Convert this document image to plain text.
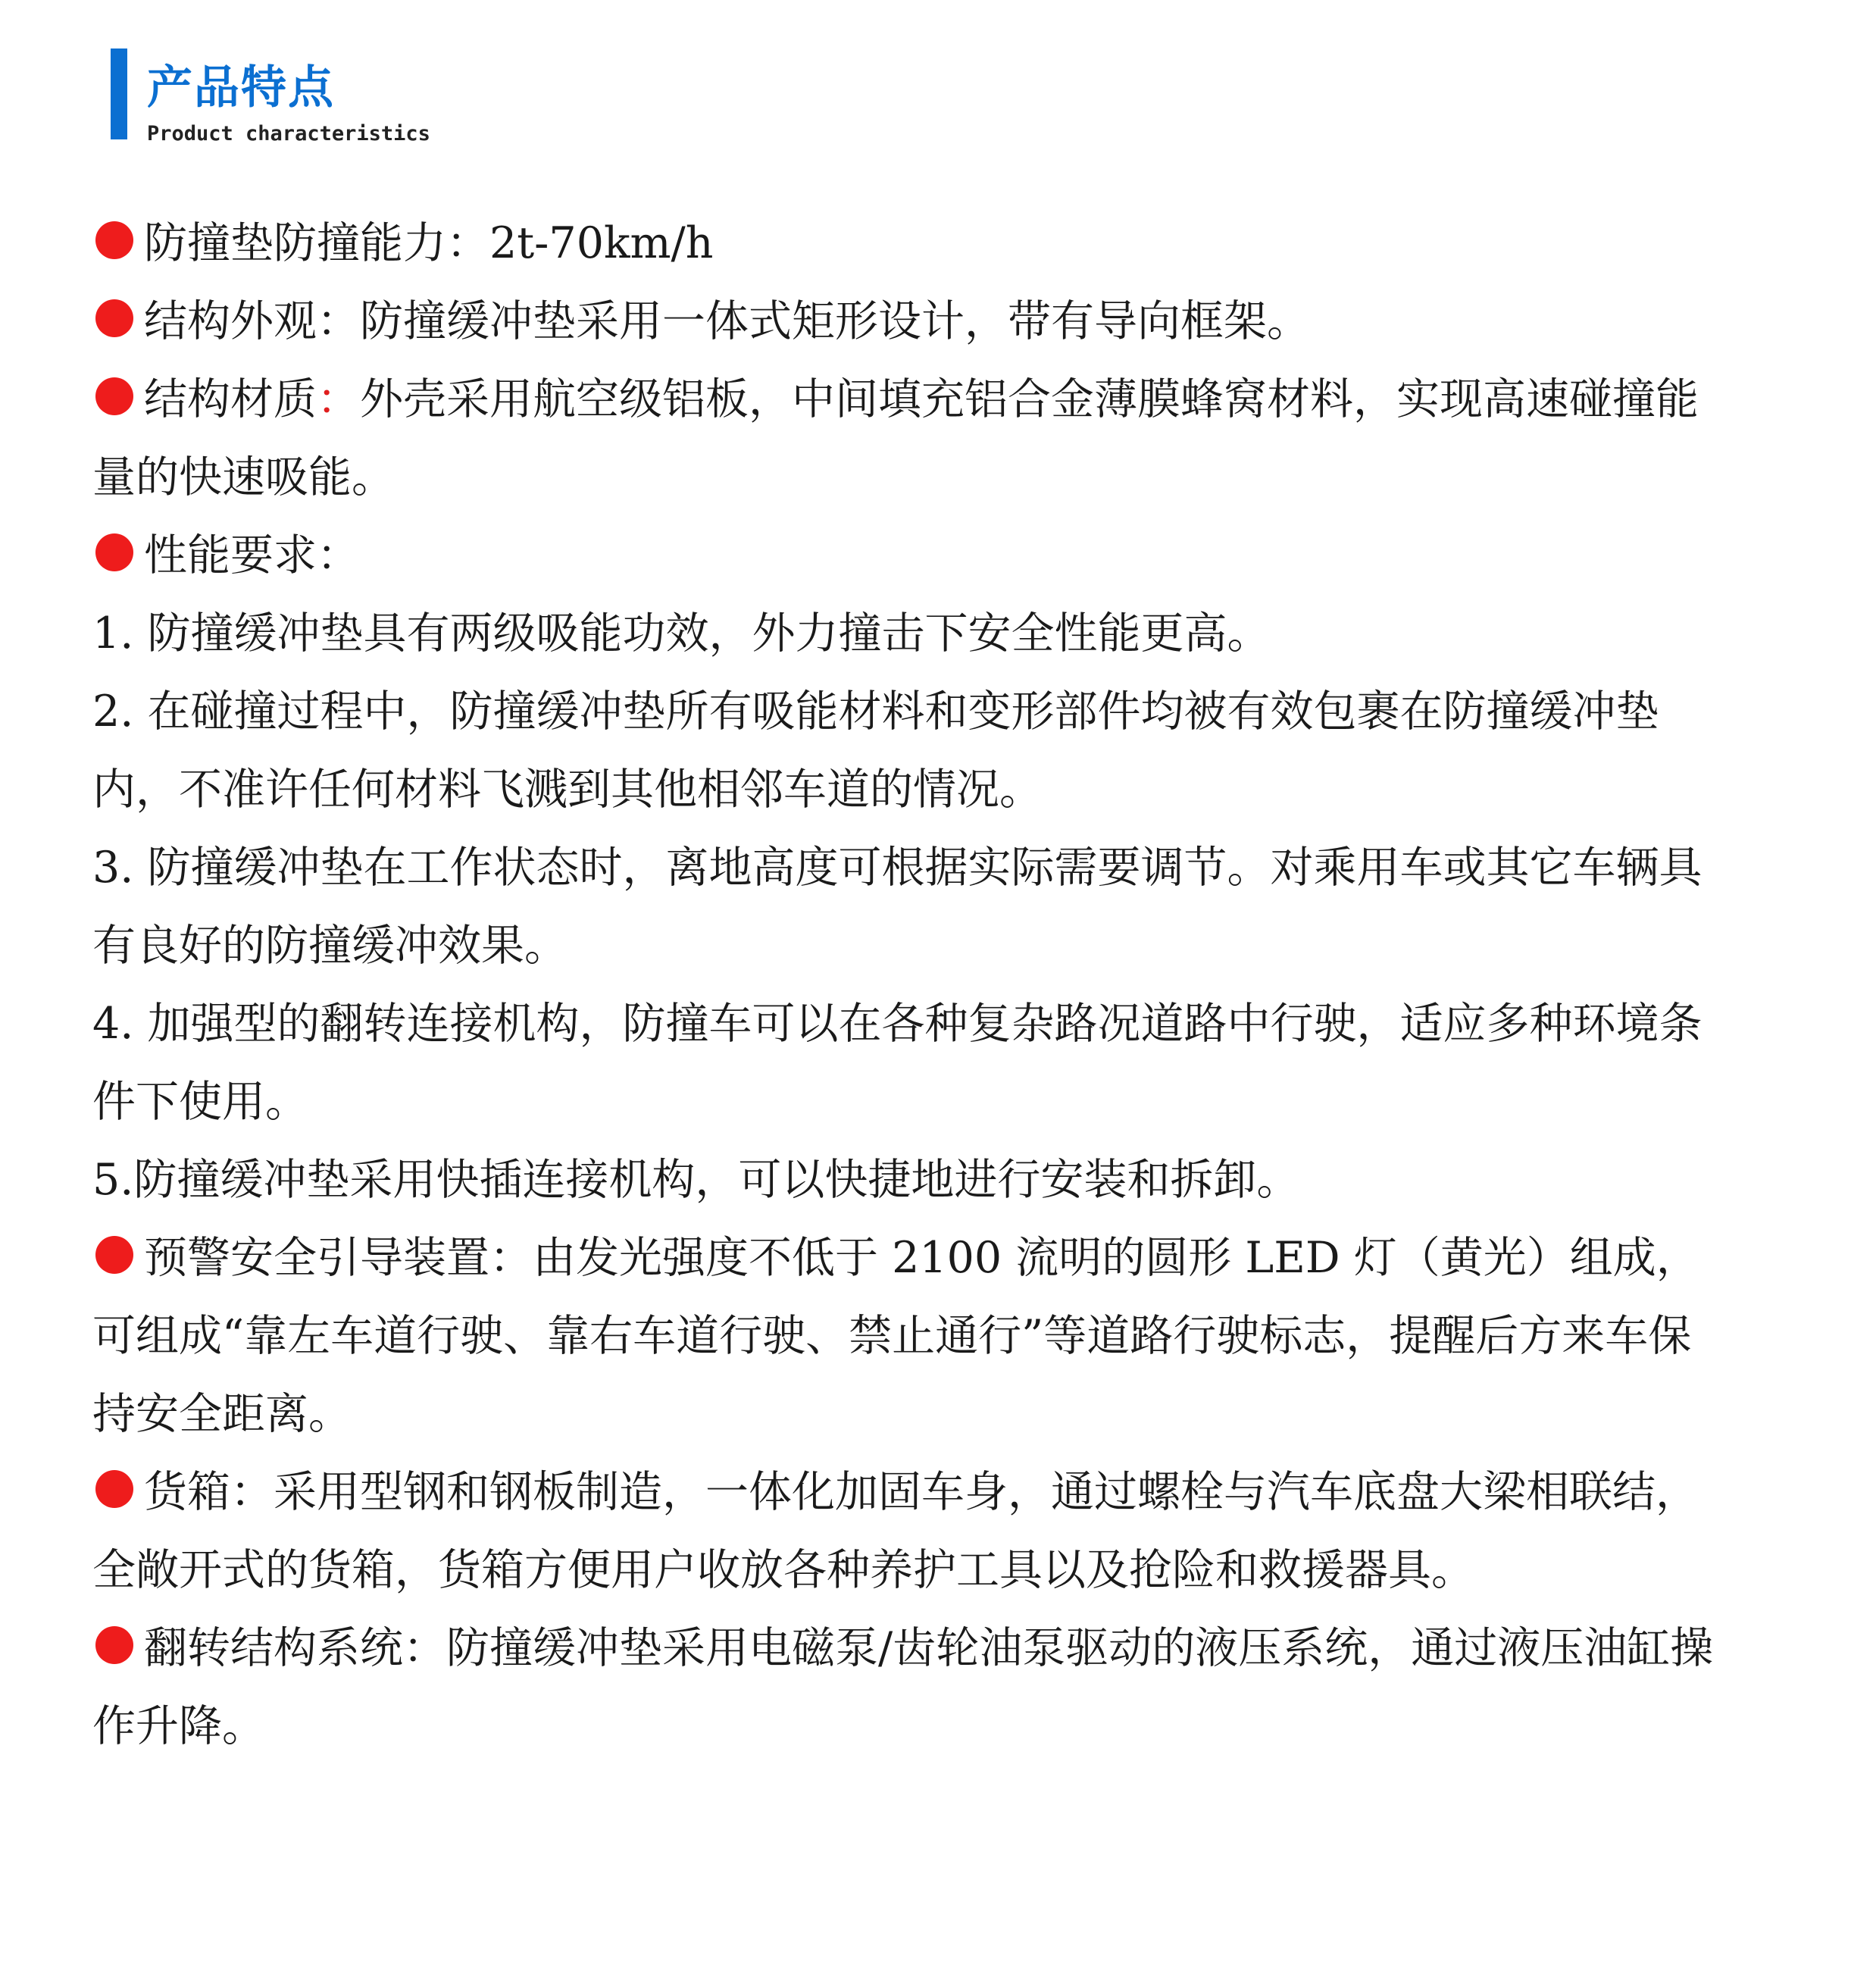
产品特点
Product characteristics

防撞垫防撞能力：2t-70km/h

结构外观：防撞缓冲垫采用一体式矩形设计，带有导向框架。

结构材质：外壳采用航空级铝板，中间填充铝合金薄膜蜂窝材料，实现高速碰撞能量的快速吸能。

性能要求：

1. 防撞缓冲垫具有两级吸能功效，外力撞击下安全性能更高。

2. 在碰撞过程中，防撞缓冲垫所有吸能材料和变形部件均被有效包裹在防撞缓冲垫内，不准许任何材料飞溅到其他相邻车道的情况。

3. 防撞缓冲垫在工作状态时，离地高度可根据实际需要调节。对乘用车或其它车辆具有良好的防撞缓冲效果。

4. 加强型的翻转连接机构，防撞车可以在各种复杂路况道路中行驶，适应多种环境条件下使用。

5.防撞缓冲垫采用快插连接机构，可以快捷地进行安装和拆卸。

预警安全引导装置：由发光强度不低于 2100 流明的圆形 LED 灯（黄光）组成，可组成“靠左车道行驶、靠右车道行驶、禁止通行”等道路行驶标志，提醒后方来车保持安全距离。

货箱：采用型钢和钢板制造，一体化加固车身，通过螺栓与汽车底盘大梁相联结，全敞开式的货箱，货箱方便用户收放各种养护工具以及抢险和救援器具。

翻转结构系统：防撞缓冲垫采用电磁泵/齿轮油泵驱动的液压系统，通过液压油缸操作升降。
